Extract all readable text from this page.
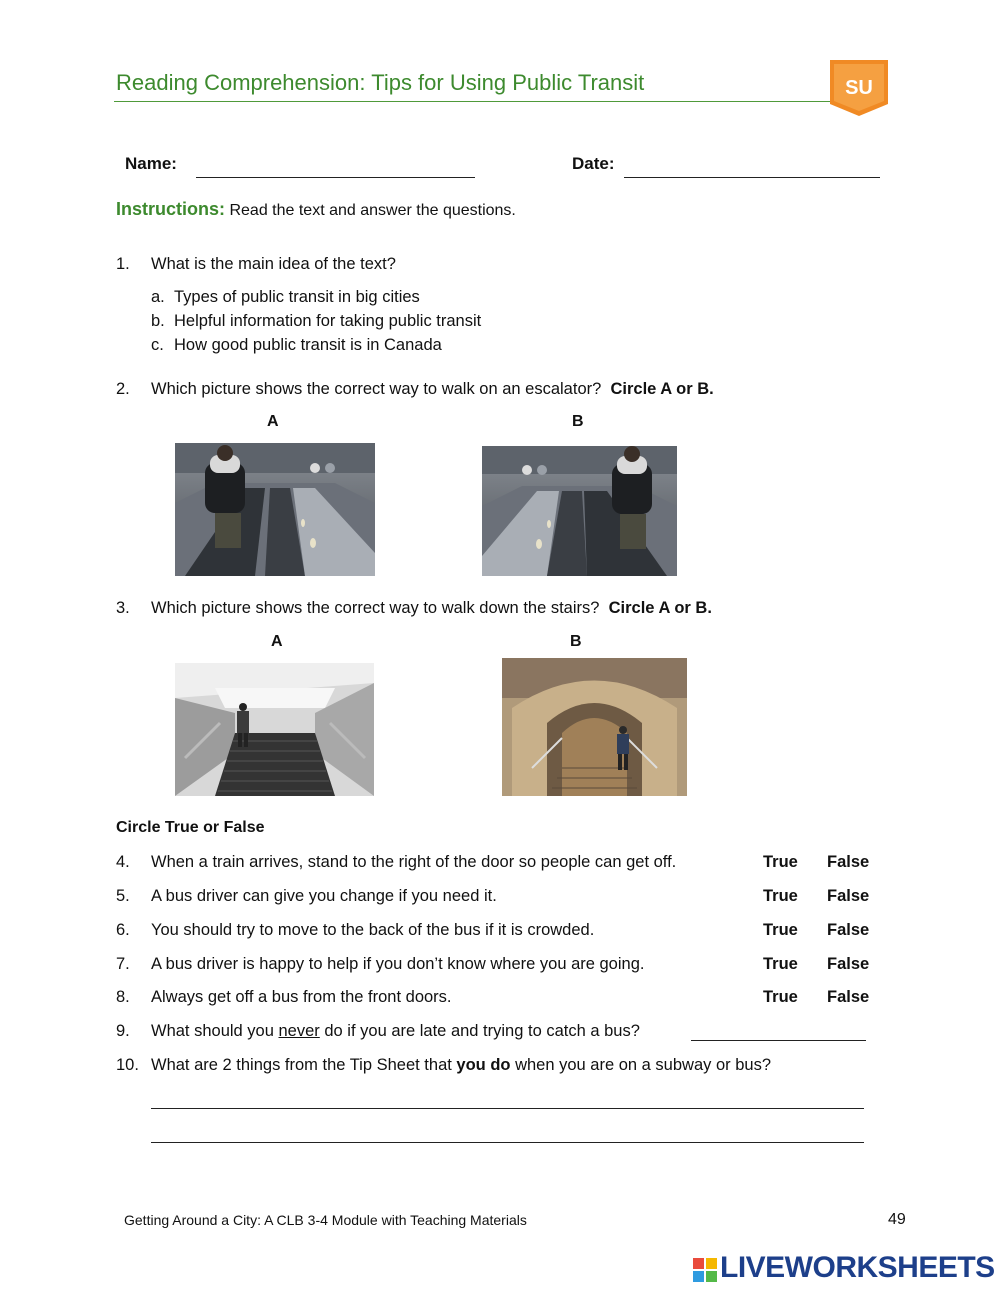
Reading Comprehension: Tips for Using Public Transit	SU
Name:	Date:
Instructions: Read the text and answer the questions.
1. What is the main idea of the text?
a. Types of public transit in big cities
b. Helpful information for taking public transit
c. How good public transit is in Canada
2. Which picture shows the correct way to walk on an escalator? Circle A or B.
A	B
3. Which picture shows the correct way to walk down the stairs? Circle A or B.
A	B
Circle True or False
4. When a train arrives, stand to the right of the door so people can get off.	True False
5. A bus driver can give you change if you need it.	True False
6. You should try to move to the back of the bus if it is crowded.	True False
7. A bus driver is happy to help if you don’t know where you are going.	True False
8. Always get off a bus from the front doors.	True False
9. What should you never do if you are late and trying to catch a bus?
10. What are 2 things from the Tip Sheet that you do when you are on a subway or bus?
Getting Around a City: A CLB 3-4 Module with Teaching Materials	49
LIVEWORKSHEETS
